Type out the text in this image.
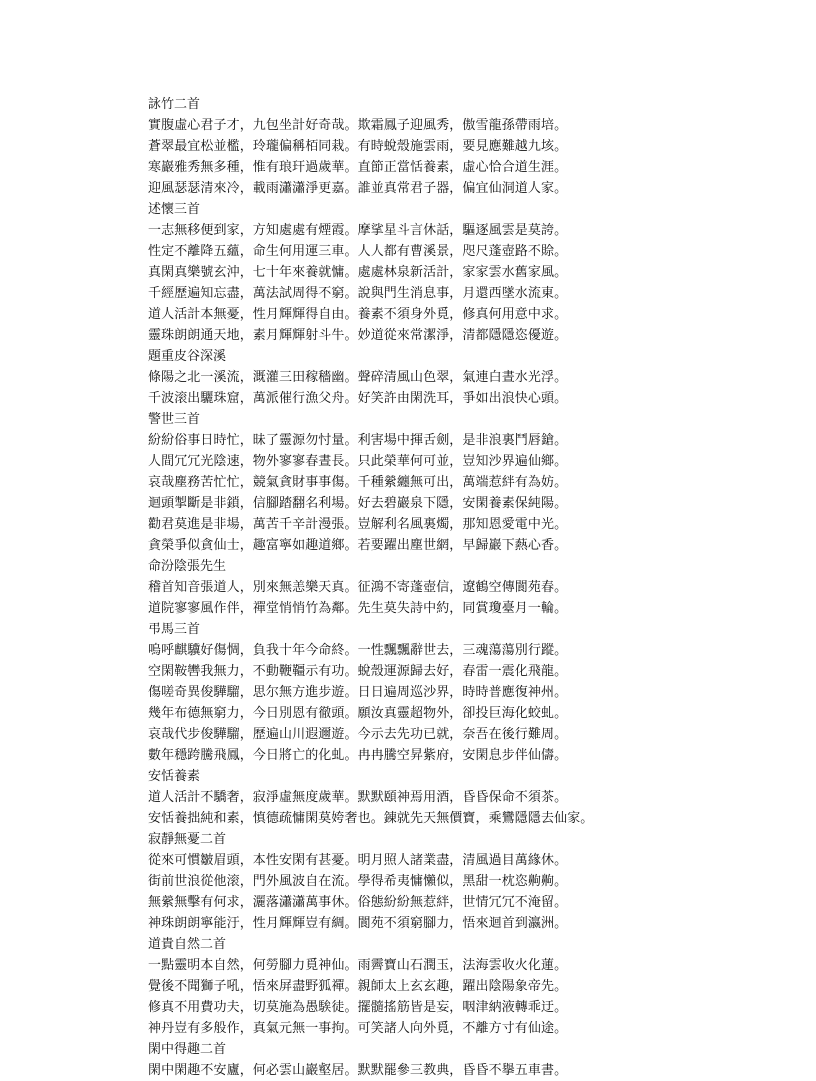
詠竹二首
實腹虛心君子才，九包坐計好奇哉。欺霜鳳子迎風秀，傲雪龍孫帶雨培。
蒼翠最宜松並檻，玲瓏偏稱栢同栽。有時蛻殼施雲雨，要見應難越九垓。
寒巖雅秀無多種，惟有琅玕過歲華。直節正當恬養素，虛心恰合道生涯。
迎風瑟瑟清來冷，載雨瀟瀟淨更嘉。誰並真常君子器，偏宜仙洞道人家。
述懷三首
一志無移便到家，方知處處有煙霞。摩挲星斗言休話，驅逐風雲是莫誇。
性定不離降五蘊，命生何用運三車。人人都有曹溪景，咫尺蓬壺路不賒。
真閑真樂號玄沖，七十年來養就慵。處處林泉新活計，家家雲水舊家風。
千經歷遍知忘盡，萬法試周得不窮。說與門生消息事，月還西墜水流東。
道人活計本無憂，性月輝輝得自由。養素不須身外覓，修真何用意中求。
靈珠朗朗通天地，素月輝輝射斗牛。妙道從來常潔淨，清都隱隱恣優遊。
題重皮谷深溪
條陽之北一溪流，溉灌三田稼穡幽。聲碎清風山色翠，氣連白晝水光浮。
千波滚出驪珠窟，萬派催行漁父舟。好笑許由閑洗耳，爭如出浪快心頭。
警世三首
紛紛俗事日時忙，昧了靈源勿忖量。利害場中揮舌劍，是非浪裏鬥唇鎗。
人間冗冗光陰速，物外寥寥春晝長。只此榮華何可並，豈知沙界遍仙鄉。
哀哉塵務苦忙忙，競氣貪財事事傷。千種縈纏無可出，萬端惹絆有為妨。
迴頭掣斷是非鎖，信腳踏翻名利場。好去碧巖泉下隱，安閑養素保純陽。
勸君莫進是非場，萬苦千辛計漫張。豈解利名風裏燭，那知恩愛電中光。
貪榮爭似貪仙士，趣富寧如趣道鄉。若要躍出塵世網，早歸巖下爇心香。
命汾陰張先生
稽首知音張道人，別來無恙樂天真。征鴻不寄蓬壺信，遼鶴空傳閬苑春。
道院寥寥風作伴，禪堂悄悄竹為鄰。先生莫失詩中約，同賞瓊臺月一輪。
弔馬三首
嗚呼麒驥好傷惆，負我十年今命終。一性飄飄辭世去，三魂蕩蕩別行蹤。
空閑鞍轡我無力，不動鞭韁示有功。蛻殼運源歸去好，春雷一震化飛龍。
傷嗟奇異俊驊騮，思尔無方進步遊。日日遍周巡沙界，時時普應復神州。
幾年布德無窮力，今日別恩有徹頭。願汝真靈超物外，卻投巨海化蛟虬。
哀哉代步俊驊騮，歷遍山川遐邇遊。今示去先功已就，奈吾在後行難周。
數年穩跨騰飛鳳，今日將亡的化虬。冉冉騰空昇紫府，安閑息步伴仙儔。
安恬養素
道人活計不驕奢，寂淨虛無度歲華。默默頤神焉用酒，昏昏保命不須茶。
安恬養拙純和素，慎德疏慵閑莫姱奢也。錬就先天無價寶，乘鸞隱隱去仙家。
寂靜無憂二首
從來可慣皺眉頭，本性安閑有甚憂。明月照人諸業盡，清風過目萬緣休。
街前世浪從他滚，門外風波自在流。學得希夷慵懶似，黑甜一枕恣齁齁。
無縈無擊有何求，灑落瀟瀟萬事休。俗態紛紛無惹絆，世情冗冗不淹留。
神珠朗朗寧能汙，性月輝輝豈有綢。閬苑不須窮腳力，悟來迴首到瀛洲。
道貴自然二首
一點靈明本自然，何勞腳力覓神仙。雨霽寶山石潤玉，法海雲收火化蓮。
覺後不聞獅子吼，悟來屏盡野狐禪。親師太上玄玄趣，躍出陰陽象帝先。
修真不用費功夫，切莫施為愚騃徒。擺髓搖筋皆是妄，咽津納液轉乖迂。
神丹豈有多般作，真氣元無一事拘。可笑諸人向外覓，不離方寸有仙途。
閑中得趣二首
閑中閑趣不安廬，何必雲山巖壑居。默默罷參三教典，昏昏不擧五車書。
